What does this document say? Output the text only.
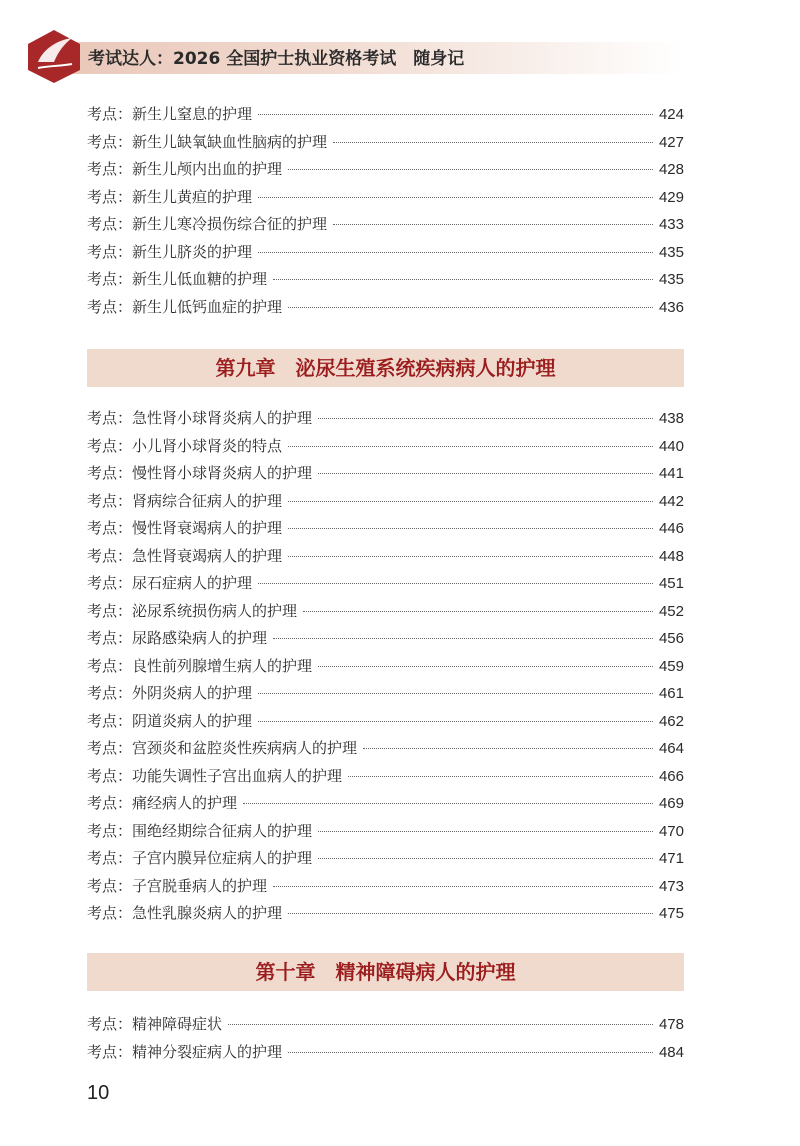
考试达人：2026 全国护士执业资格考试　随身记
考点：新生儿窒息的护理	424
考点：新生儿缺氧缺血性脑病的护理	427
考点：新生儿颅内出血的护理	428
考点：新生儿黄疸的护理	429
考点：新生儿寒冷损伤综合征的护理	433
考点：新生儿脐炎的护理	435
考点：新生儿低血糖的护理	435
考点：新生儿低钙血症的护理	436
第九章　泌尿生殖系统疾病病人的护理
考点：急性肾小球肾炎病人的护理	438
考点：小儿肾小球肾炎的特点	440
考点：慢性肾小球肾炎病人的护理	441
考点：肾病综合征病人的护理	442
考点：慢性肾衰竭病人的护理	446
考点：急性肾衰竭病人的护理	448
考点：尿石症病人的护理	451
考点：泌尿系统损伤病人的护理	452
考点：尿路感染病人的护理	456
考点：良性前列腺增生病人的护理	459
考点：外阴炎病人的护理	461
考点：阴道炎病人的护理	462
考点：宫颈炎和盆腔炎性疾病病人的护理	464
考点：功能失调性子宫出血病人的护理	466
考点：痛经病人的护理	469
考点：围绝经期综合征病人的护理	470
考点：子宫内膜异位症病人的护理	471
考点：子宫脱垂病人的护理	473
考点：急性乳腺炎病人的护理	475
第十章　精神障碍病人的护理
考点：精神障碍症状	478
考点：精神分裂症病人的护理	484
10
